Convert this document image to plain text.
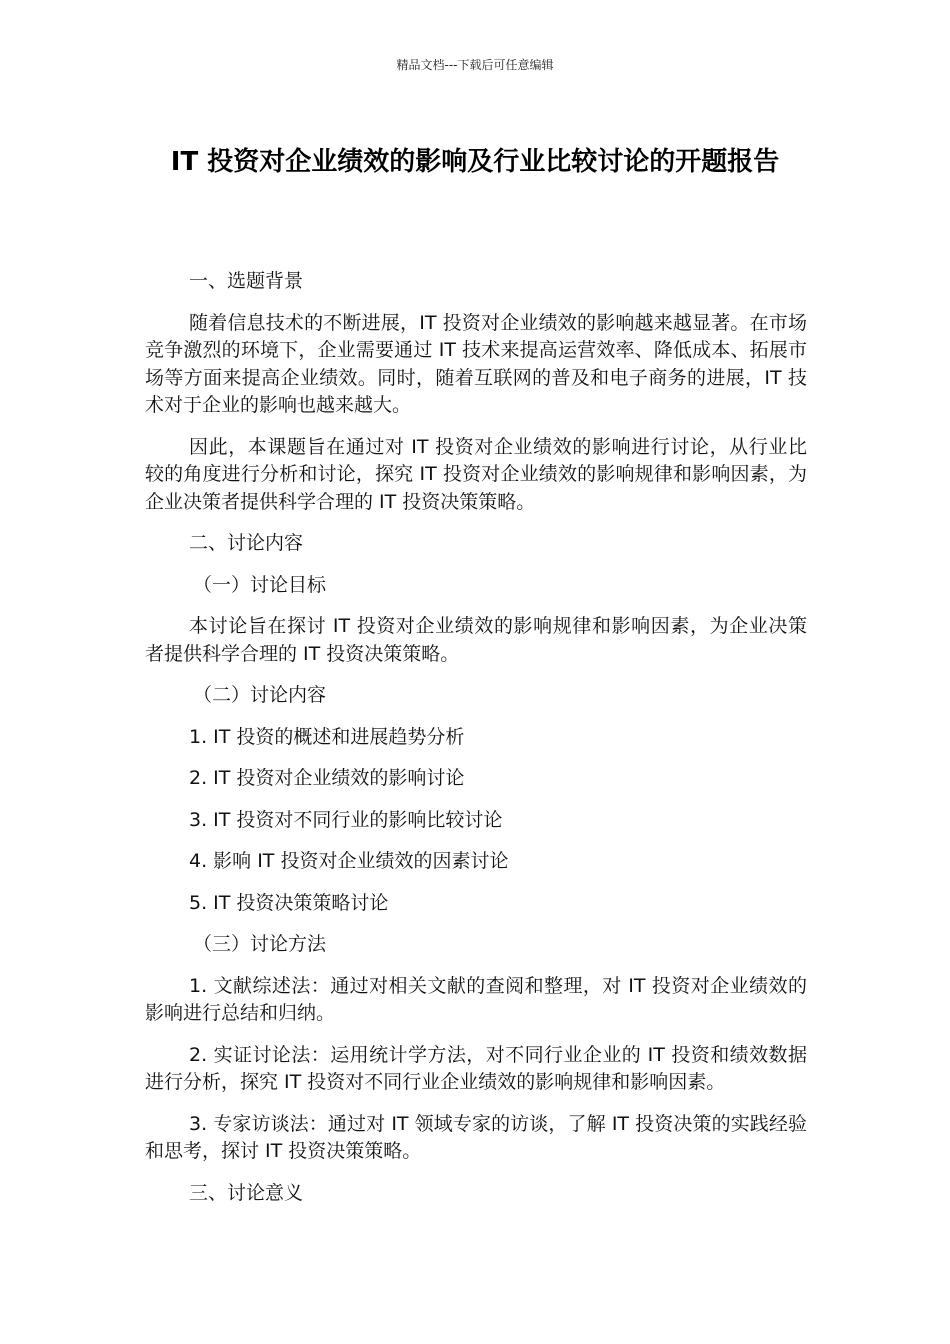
精品文档---下载后可任意编辑
IT 投资对企业绩效的影响及行业比较讨论的开题报告
一、选题背景
随着信息技术的不断进展，IT 投资对企业绩效的影响越来越显著。在市场竞争激烈的环境下，企业需要通过 IT 技术来提高运营效率、降低成本、拓展市场等方面来提高企业绩效。同时，随着互联网的普及和电子商务的进展，IT 技术对于企业的影响也越来越大。
因此，本课题旨在通过对 IT 投资对企业绩效的影响进行讨论，从行业比较的角度进行分析和讨论，探究 IT 投资对企业绩效的影响规律和影响因素，为企业决策者提供科学合理的 IT 投资决策策略。
二、讨论内容
（一）讨论目标
本讨论旨在探讨 IT 投资对企业绩效的影响规律和影响因素，为企业决策者提供科学合理的 IT 投资决策策略。
（二）讨论内容
1. IT 投资的概述和进展趋势分析
2. IT 投资对企业绩效的影响讨论
3. IT 投资对不同行业的影响比较讨论
4. 影响 IT 投资对企业绩效的因素讨论
5. IT 投资决策策略讨论
（三）讨论方法
1. 文献综述法：通过对相关文献的查阅和整理，对 IT 投资对企业绩效的影响进行总结和归纳。
2. 实证讨论法：运用统计学方法，对不同行业企业的 IT 投资和绩效数据进行分析，探究 IT 投资对不同行业企业绩效的影响规律和影响因素。
3. 专家访谈法：通过对 IT 领域专家的访谈，了解 IT 投资决策的实践经验和思考，探讨 IT 投资决策策略。
三、讨论意义
